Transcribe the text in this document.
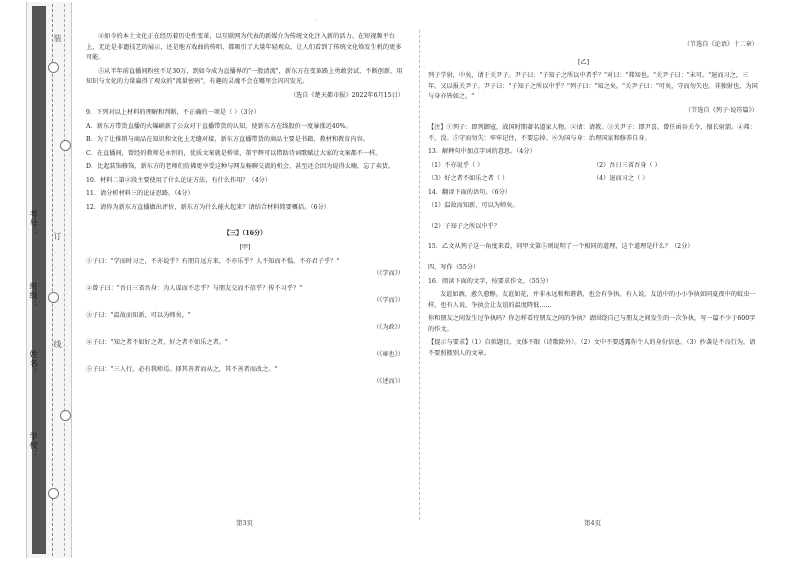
装
订
线
学校：
姓名：
班级：
考号：
.

④如今的本土文化正在经历着历史性变革，以互联网为代表的新媒介为传统文化注入新的活力。在短视频平台上，无论是非遗技艺的展示，还是地方戏曲的传唱，都吸引了大量年轻观众，让人们看到了传统文化焕发生机的更多可能。

⑤从半年前直播间粉丝不足30万，到如今成为直播界的"一股清流"，新东方在变革路上勇敢尝试、不断创新，用知识与文化的力量赢得了观众的"流量密码"，有趣的灵魂不会在哪里会闪闪发光。

（选自《楚天都市报》2022年6月15日）

9．下列对以上材料的理解和判断，不正确的一项是（ ）（3分）

A．新东方带货直播的火爆刷新了公众对于直播带货的认知，使新东方在线股价一度暴涨近40%。

B．为了让推销与商品在知识和文化上无缝对接，新东方直播带货的商品主要是书籍、教材和教育内容。

C．在直播间，曾经的教师是永恒的，优质文案就是桥梁，董宇辉可以借助诗词歌赋让大家的文案都不一样。

D．比起装饰修饰，新东方的老师们仿佛更享受这种与网友畅聊交流的机会，甚至还会因为说得太嗨，忘了卖货。

10．材料二第②段主要使用了什么论证方法，有什么作用？（4分）

11．请分析材料三的论证思路。（4分）

12．请你为新东方直播做出评价，新东方为什么能火起来？请结合材料简要概括。（6分）

【三】（16分）

[甲]

①子曰："学而时习之，不亦说乎？有朋自远方来，不亦乐乎？人不知而不愠，不亦君子乎？"

（《学而》）

②曾子曰："吾日三省吾身：为人谋而不忠乎？与朋友交而不信乎？传不习乎？"

（《学而》）

③子曰："温故而知新，可以为师矣。"

（《为政》）

④子曰："知之者不如好之者，好之者不如乐之者。"

（《雍也》）

⑤子曰："三人行，必有我师焉。择其善者而从之，其不善者而改之。"

（《述而》）

第3页

（节选自《论语》十二章）

[乙]

列子学射，中矣，请于关尹子。尹子曰："子知子之所以中者乎？"对曰："弗知也。"关尹子曰："未可。"退而习之，三年，又以报关尹子。尹子曰："子知子之所以中乎？"列子曰："知之矣。"关尹子曰："可矣，守而勿失也。非独射也，为国与身亦皆如之。"

（节选自《列子·说符篇》）

【注】①列子：即列御寇，战国时期著名道家人物。②请：请教。③关尹子：即尹喜，曾任函谷关令，擅长射箭。④弗：不，没。⑤守而勿失：牢牢记住，不要忘掉。⑥为国与身：治理国家和修养自身。

13．解释句中加点字词的意思。（4分）

（1）不亦说乎（ ）	（2）吾日三省吾身（ ）
（3）好之者不如乐之者（ ）	（4）退而习之（ ）

14．翻译下面的语句。（6分）

（1）温故而知新，可以为师矣。

（2）子知子之所以中乎？

15．乙文从列子这一角度来看，同甲文第⑤则说明了一个相同的道理，这个道理是什么？（2分）

四、写作（55分）

16．阅读下面的文字，按要求作文。（55分）

友谊如酒，愈久愈醇。友谊如花，并非永远和和谐谐，也会有争执。有人说，友谊中的小小争执如同夏夜中的蚊虫一样，也有人说，争执会让友谊的温度降低……

你和朋友之间发生过争执吗？你怎样看待朋友之间的争执？请围绕自己与朋友之间发生的一次争执，写一篇不少于600字的作文。

【提示与要求】（1）自拟题目，文体不限（诗歌除外）。（2）文中不要透露你个人的身份信息。（3）抄袭是不良行为，请不要照搬别人的文章。

第4页
